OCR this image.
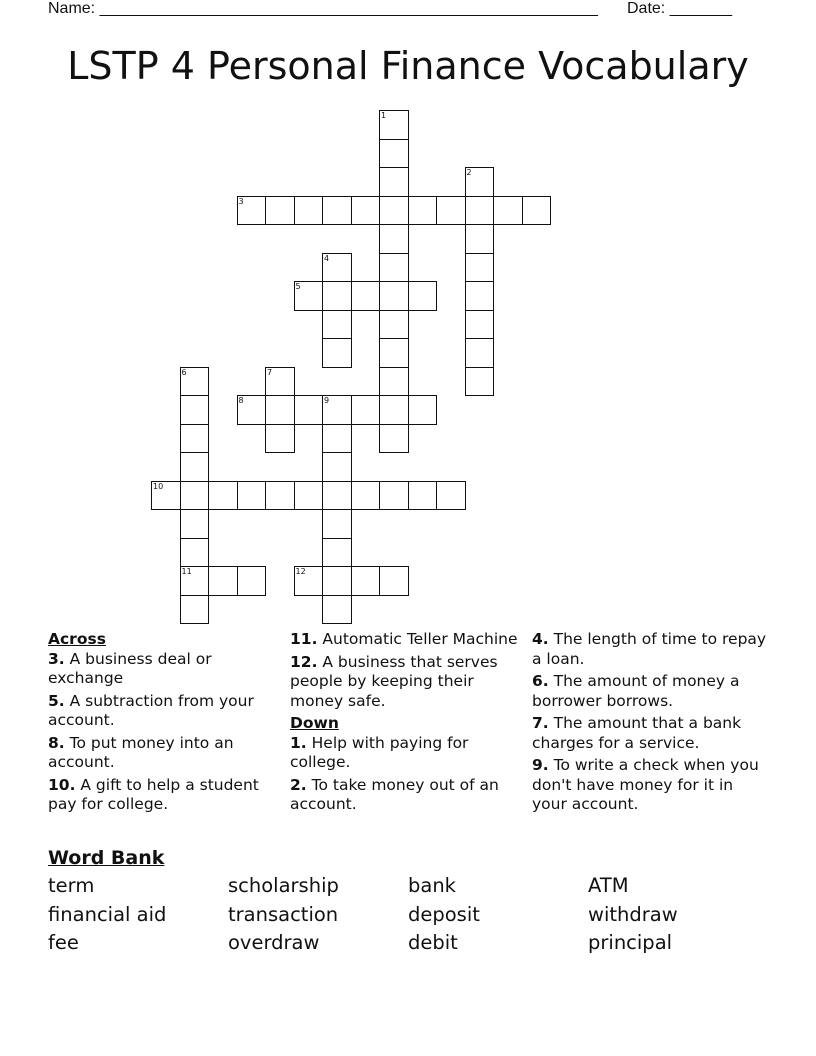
Name: ________________________________________________________ Date: _______
LSTP 4 Personal Finance Vocabulary
1
2
3
4
5
6	7
8	9
10
11	12
Across
3. A business deal or exchange
5. A subtraction from your account.
8. To put money into an account.
10. A gift to help a student pay for college.
11. Automatic Teller Machine
12. A business that serves people by keeping their money safe.
Down
1. Help with paying for college.
2. To take money out of an account.
4. The length of time to repay a loan.
6. The amount of money a borrower borrows.
7. The amount that a bank charges for a service.
9. To write a check when you don't have money for it in your account.
Word Bank
term	scholarship	bank	ATM
financial aid	transaction	deposit	withdraw
fee	overdraw	debit	principal
